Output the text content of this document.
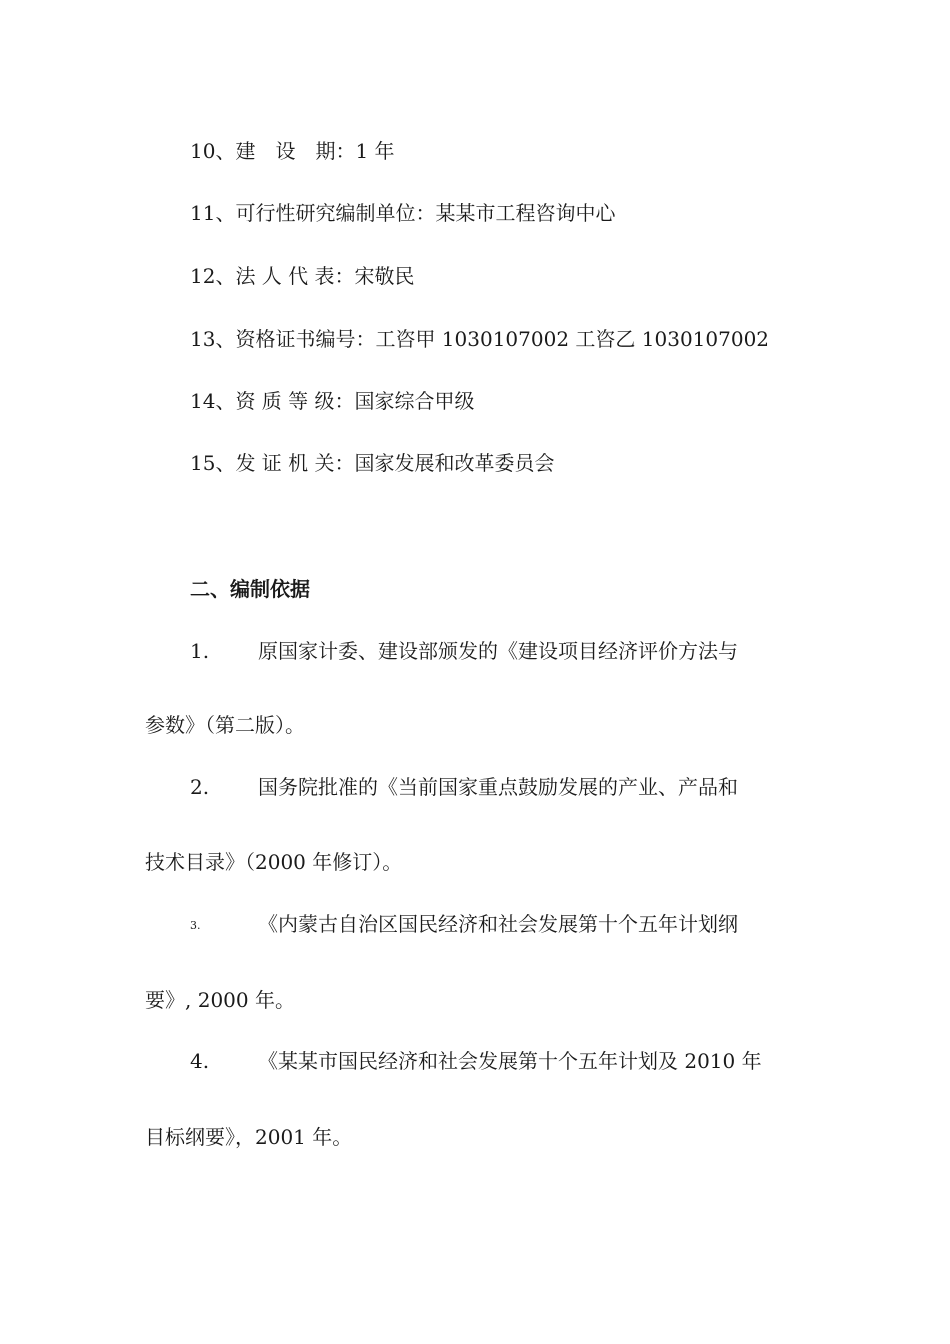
10、建　设　期：1 年
11、可行性研究编制单位：某某市工程咨询中心
12、法 人 代 表：宋敬民
13、资格证书编号：工咨甲 1030107002 工咨乙 1030107002
14、资 质 等 级：国家综合甲级
15、发 证 机 关：国家发展和改革委员会
二、编制依据
1. 原国家计委、建设部颁发的《建设项目经济评价方法与
参数》（第二版）。
2. 国务院批准的《当前国家重点鼓励发展的产业、产品和
技术目录》（2000 年修订）。
3.	《内蒙古自治区国民经济和社会发展第十个五年计划纲
要》, 2000 年。
4. 《某某市国民经济和社会发展第十个五年计划及 2010 年
目标纲要》，2001 年。
